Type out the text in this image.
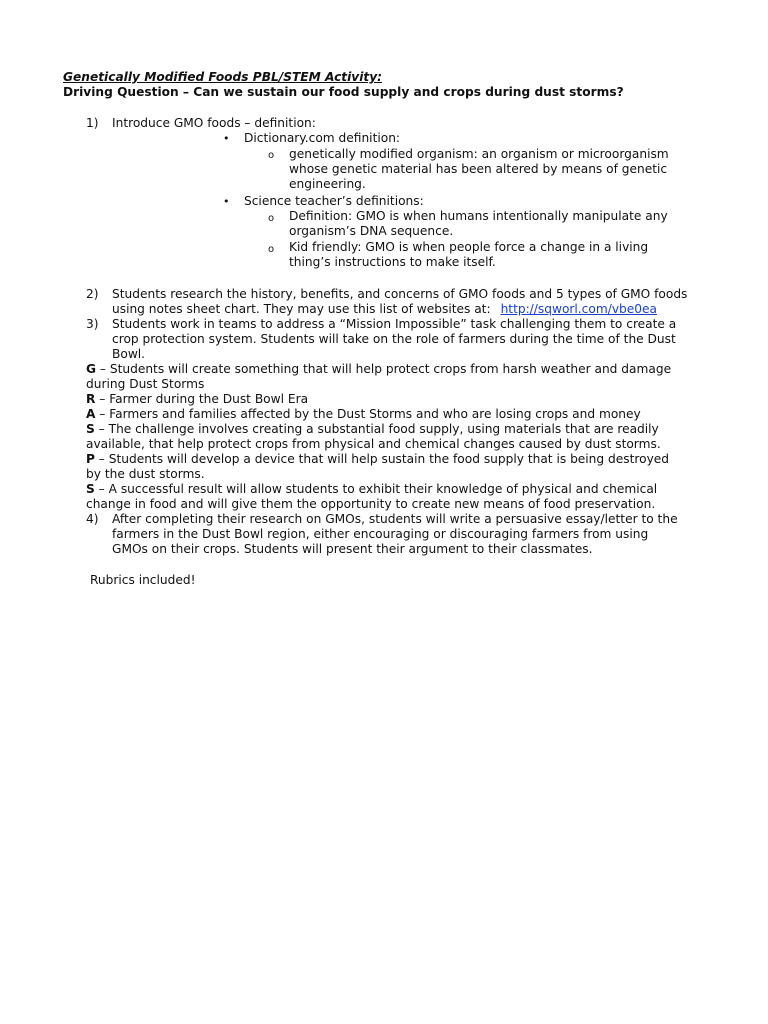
Genetically Modified Foods PBL/STEM Activity:
Driving Question – Can we sustain our food supply and crops during dust storms?
1) Introduce GMO foods – definition:
• Dictionary.com definition:
o genetically modified organism: an organism or microorganism
whose genetic material has been altered by means of genetic
engineering.
• Science teacher’s definitions:
o Definition: GMO is when humans intentionally manipulate any
organism’s DNA sequence.
o Kid friendly: GMO is when people force a change in a living
thing’s instructions to make itself.
2) Students research the history, benefits, and concerns of GMO foods and 5 types of GMO foods
using notes sheet chart. They may use this list of websites at: http://sqworl.com/vbe0ea
3) Students work in teams to address a “Mission Impossible” task challenging them to create a
crop protection system. Students will take on the role of farmers during the time of the Dust
Bowl.
G – Students will create something that will help protect crops from harsh weather and damage
during Dust Storms
R – Farmer during the Dust Bowl Era
A – Farmers and families affected by the Dust Storms and who are losing crops and money
S – The challenge involves creating a substantial food supply, using materials that are readily
available, that help protect crops from physical and chemical changes caused by dust storms.
P – Students will develop a device that will help sustain the food supply that is being destroyed
by the dust storms.
S – A successful result will allow students to exhibit their knowledge of physical and chemical
change in food and will give them the opportunity to create new means of food preservation.
4) After completing their research on GMOs, students will write a persuasive essay/letter to the
farmers in the Dust Bowl region, either encouraging or discouraging farmers from using
GMOs on their crops. Students will present their argument to their classmates.
Rubrics included!
